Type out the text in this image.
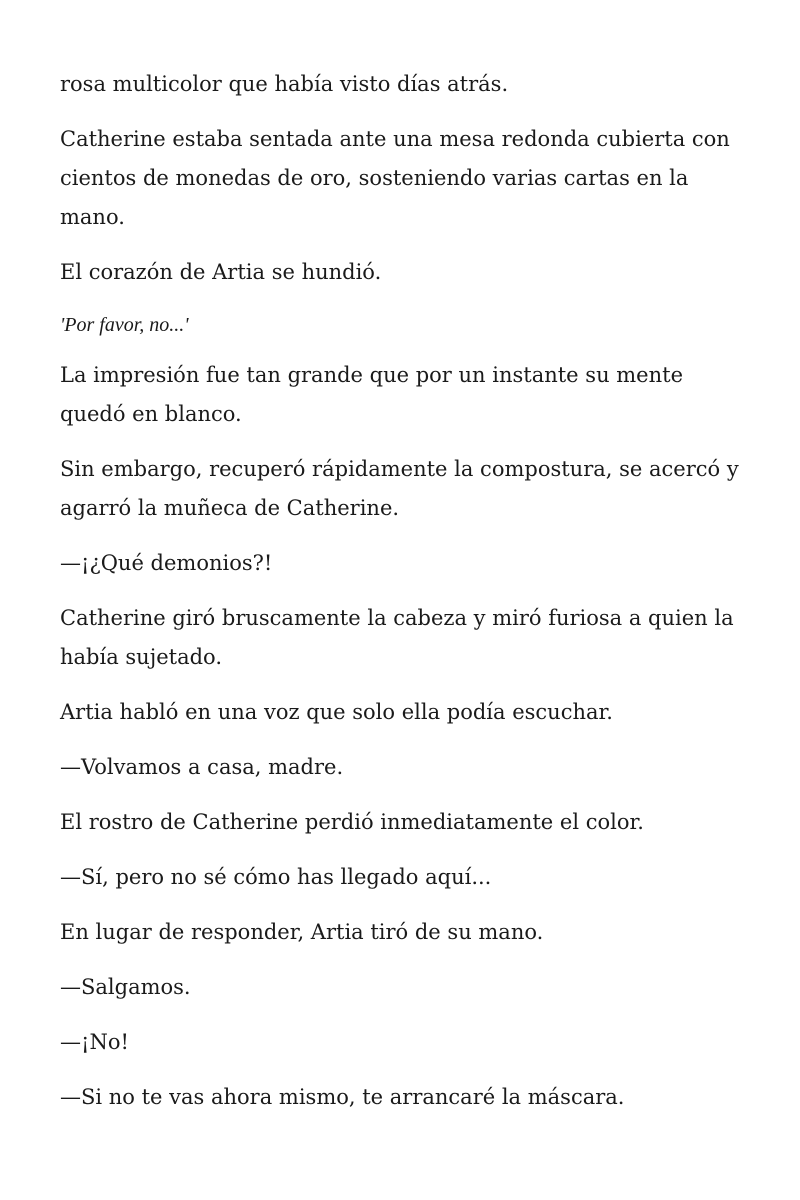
rosa multicolor que había visto días atrás.

Catherine estaba sentada ante una mesa redonda cubierta con cientos de monedas de oro, sosteniendo varias cartas en la mano.

El corazón de Artia se hundió.

'Por favor, no...'

La impresión fue tan grande que por un instante su mente quedó en blanco.

Sin embargo, recuperó rápidamente la compostura, se acercó y agarró la muñeca de Catherine.

—¡¿Qué demonios?!

Catherine giró bruscamente la cabeza y miró furiosa a quien la había sujetado.

Artia habló en una voz que solo ella podía escuchar.

—Volvamos a casa, madre.

El rostro de Catherine perdió inmediatamente el color.

—Sí, pero no sé cómo has llegado aquí...

En lugar de responder, Artia tiró de su mano.

—Salgamos.

—¡No!

—Si no te vas ahora mismo, te arrancaré la máscara.
